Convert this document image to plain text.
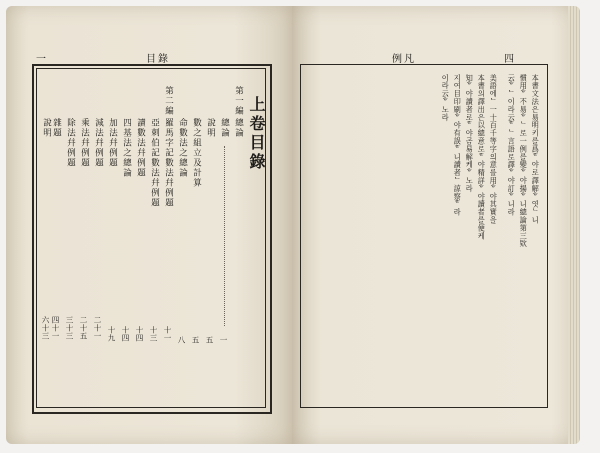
一	目錄
上卷目錄
第一編
總論
總論
一
說明
五
數之組立及計算
五
命數法之總論
八
第二編
羅馬字記數法幷例題
十一
亞刺伯記數法幷例題
十三
讀數法幷例題
十四
四基法之總論
十四
加法幷例題
十九
減法幷例題
二十一
乘法幷例題
二十五
除法幷例題
三十三
雜題
四十一
說明
六十三
例凡	四
本書文法은易明키를爲ᄒ야로譯解ᄒ엿ᄂ니
慣用ᄒ不易ᄒᄂ로一例를變ᄒ야揚ᄒ니總論第三欵
云ᄒᄂ이라云ᄒᄂ言語로譯ᄒ야訂ᄒ니라
美語에ᄂ一十百千等字의意를用ᄒ야其實을
本書의譯出은以總意로ᄒ야精詳ᄒ야讀者를便케
知ᄒ야讀者로ᄒ야곰易解케ᄒ노라
지여目印刷ᄒ야有誤ᄒ니讀者ᄂ諒察ᄒ라
이라云ᄒ노라
